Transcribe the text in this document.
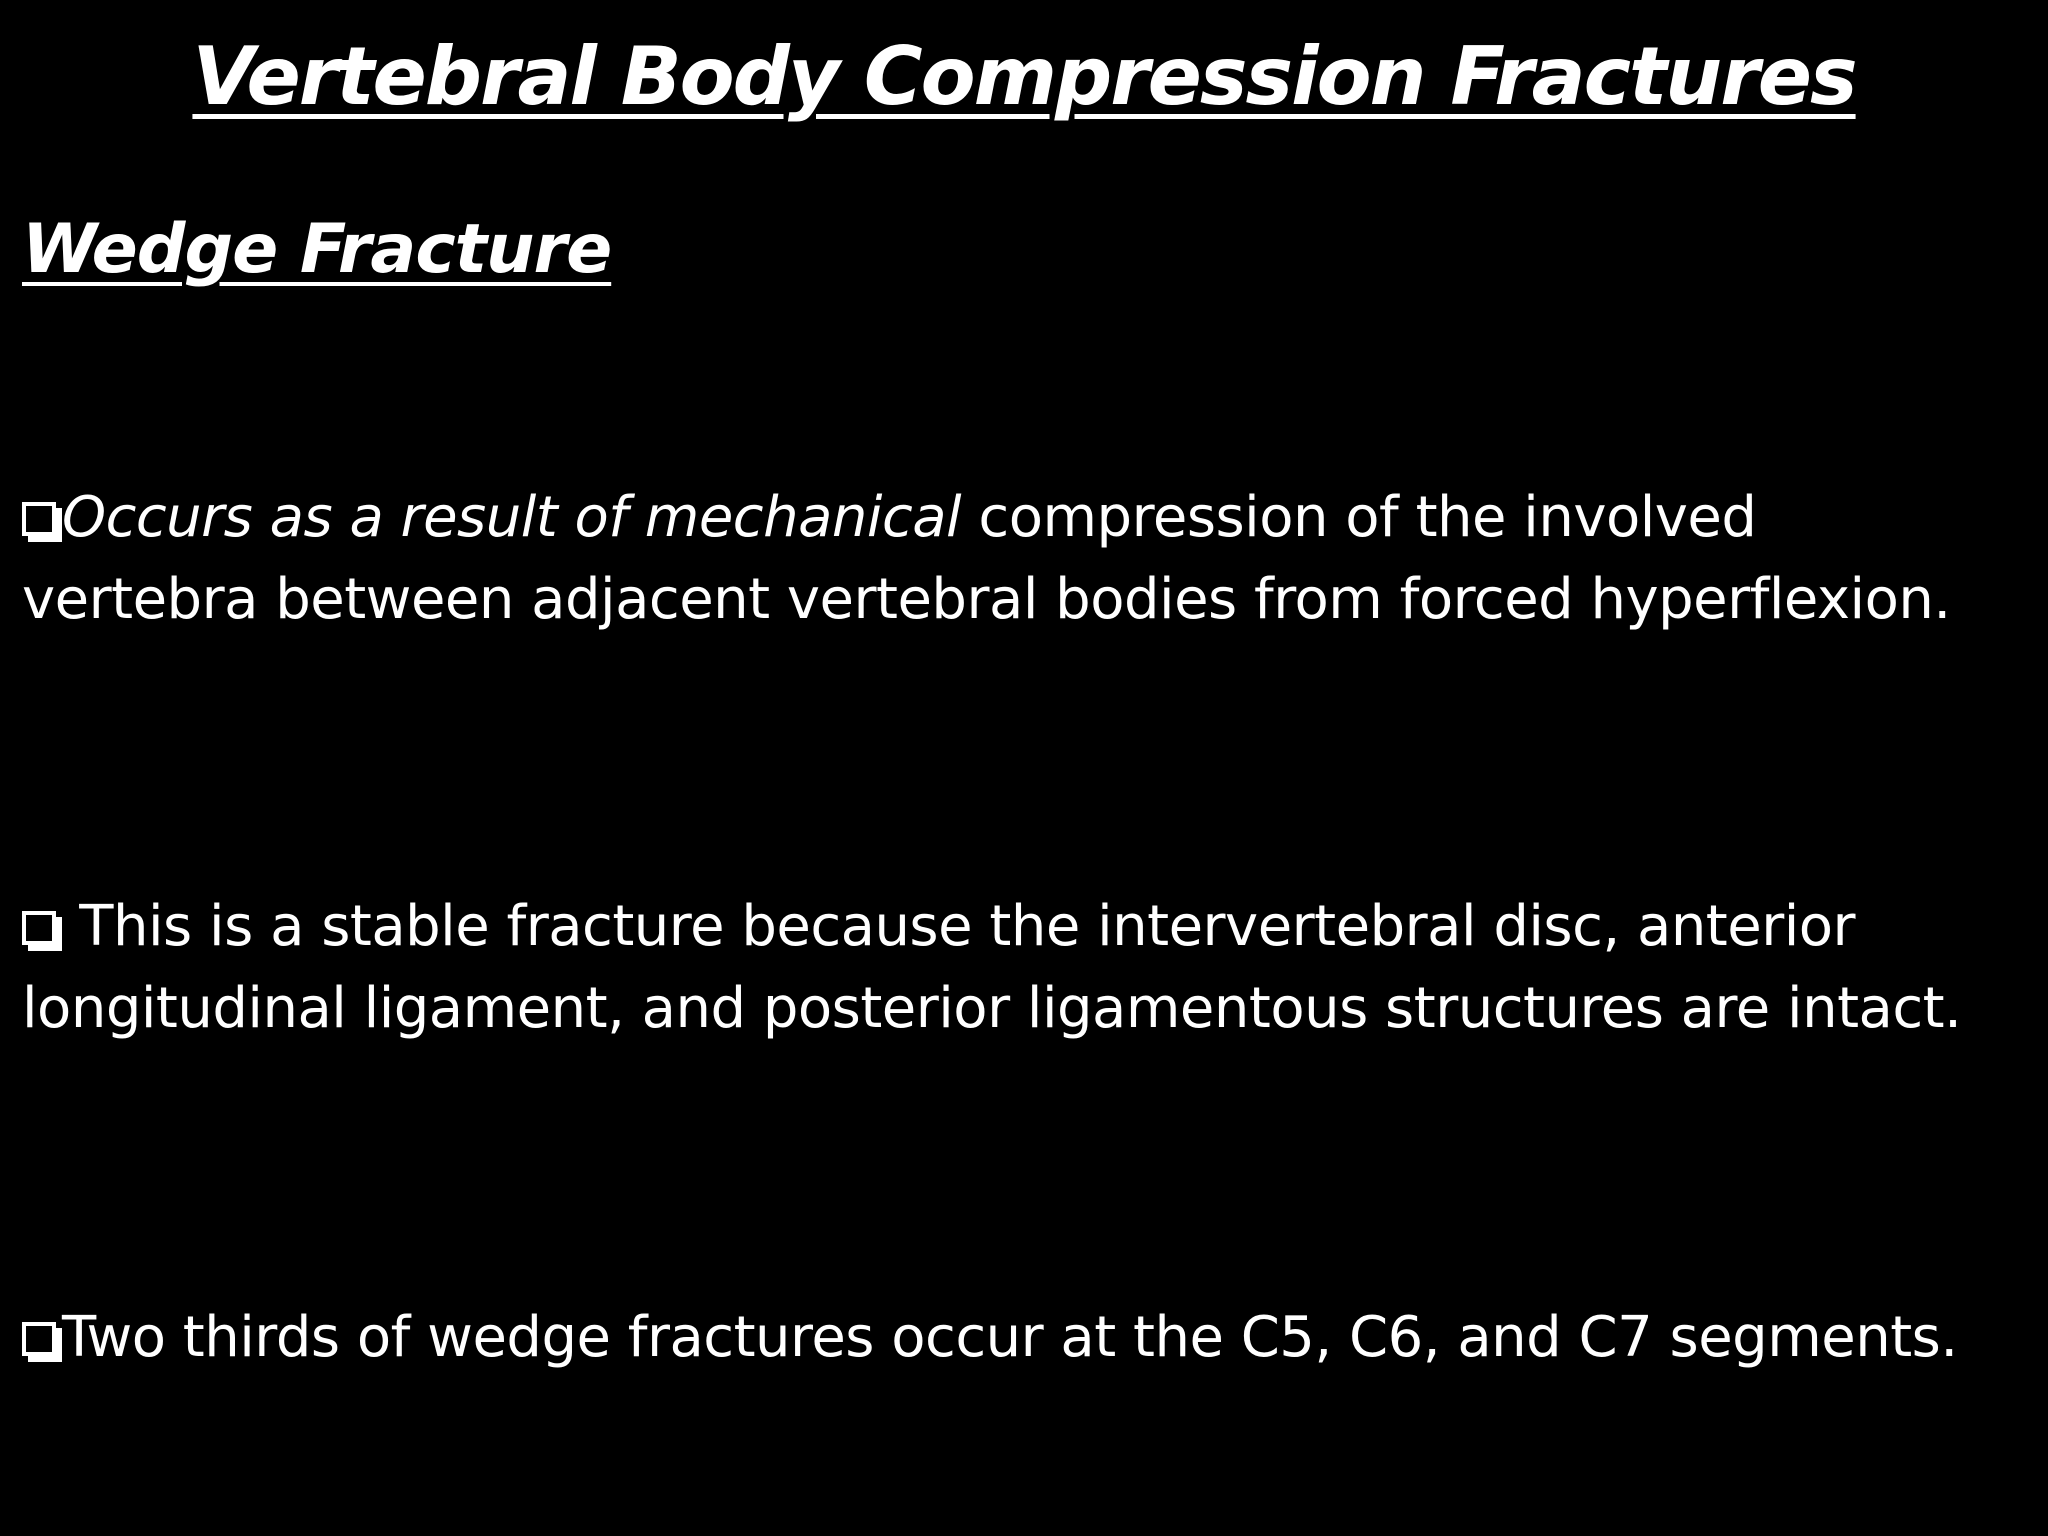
Vertebral Body Compression Fractures
Wedge Fracture
Occurs as a result of mechanical compression of the involved
vertebra between adjacent vertebral bodies from forced hyperflexion.
This is a stable fracture because the intervertebral disc, anterior
longitudinal ligament, and posterior ligamentous structures are intact.
Two thirds of wedge fractures occur at the C5, C6, and C7 segments.
